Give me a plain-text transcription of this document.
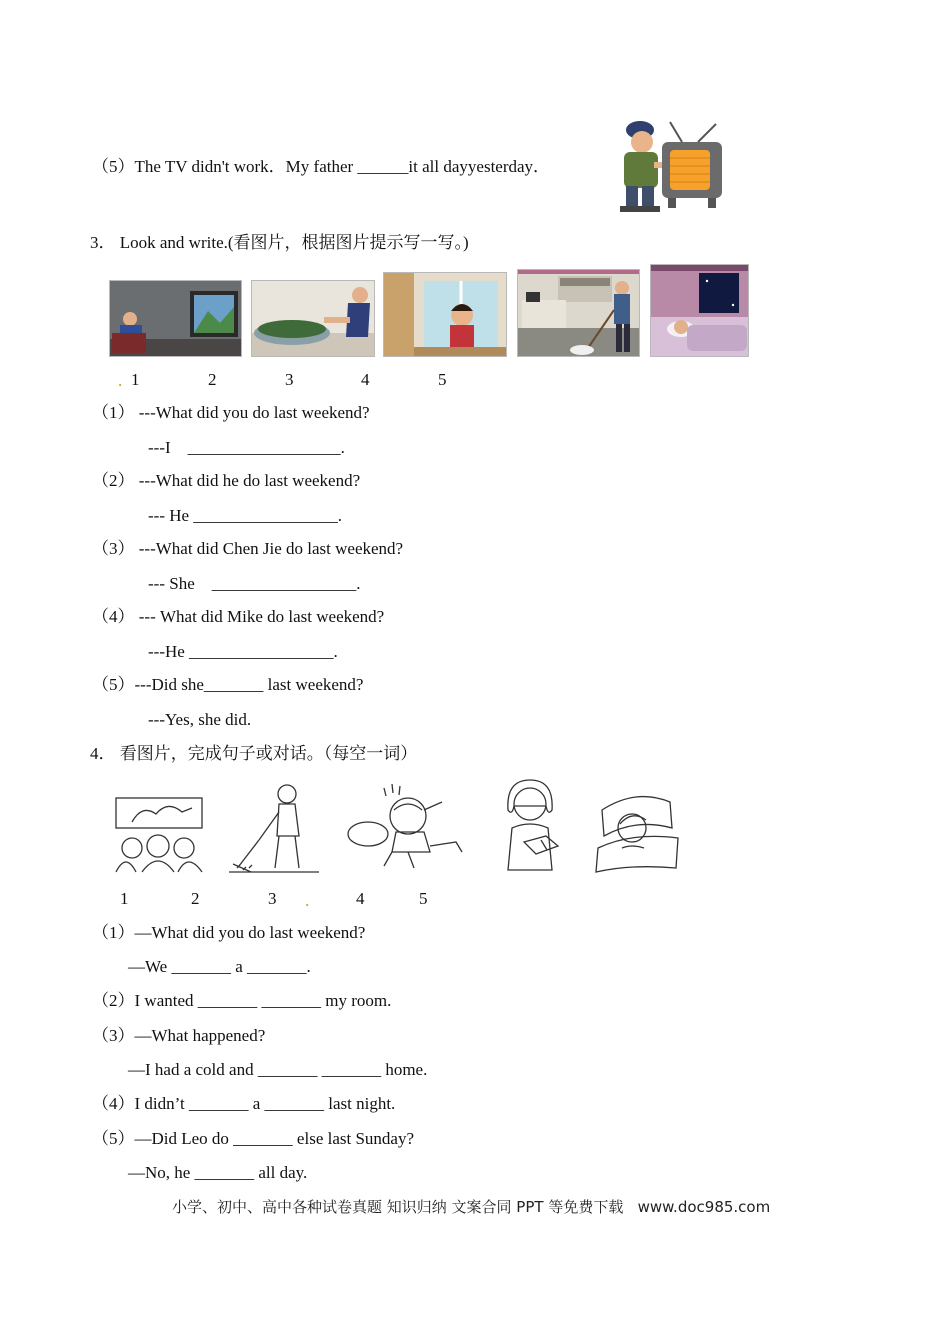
（5）The TV didn't work．My father ______it all dayyesterday．
3． Look and write.(看图片，根据图片提示写一写。)
. 1	2	3	4	5
（1） ---What did you do last weekend?
---I    __________________.
（2） ---What did he do last weekend?
--- He _________________.
（3） ---What did Chen Jie do last weekend?
--- She    _________________.
（4） --- What did Mike do last weekend?
---He _________________.
（5）---Did she_______ last weekend?
---Yes, she did.
4． 看图片，完成句子或对话。（每空一词）
1	2	3 .	4	5
（1）—What did you do last weekend?
—We _______ a _______.
（2）I wanted _______ _______ my room.
（3）—What happened?
—I had a cold and _______ _______ home.
（4）I didn’t _______ a _______ last night.
（5）—Did Leo do _______ else last Sunday?
—No, he _______ all day.
小学、初中、高中各种试卷真题 知识归纳 文案合同 PPT 等免费下载   www.doc985.com
